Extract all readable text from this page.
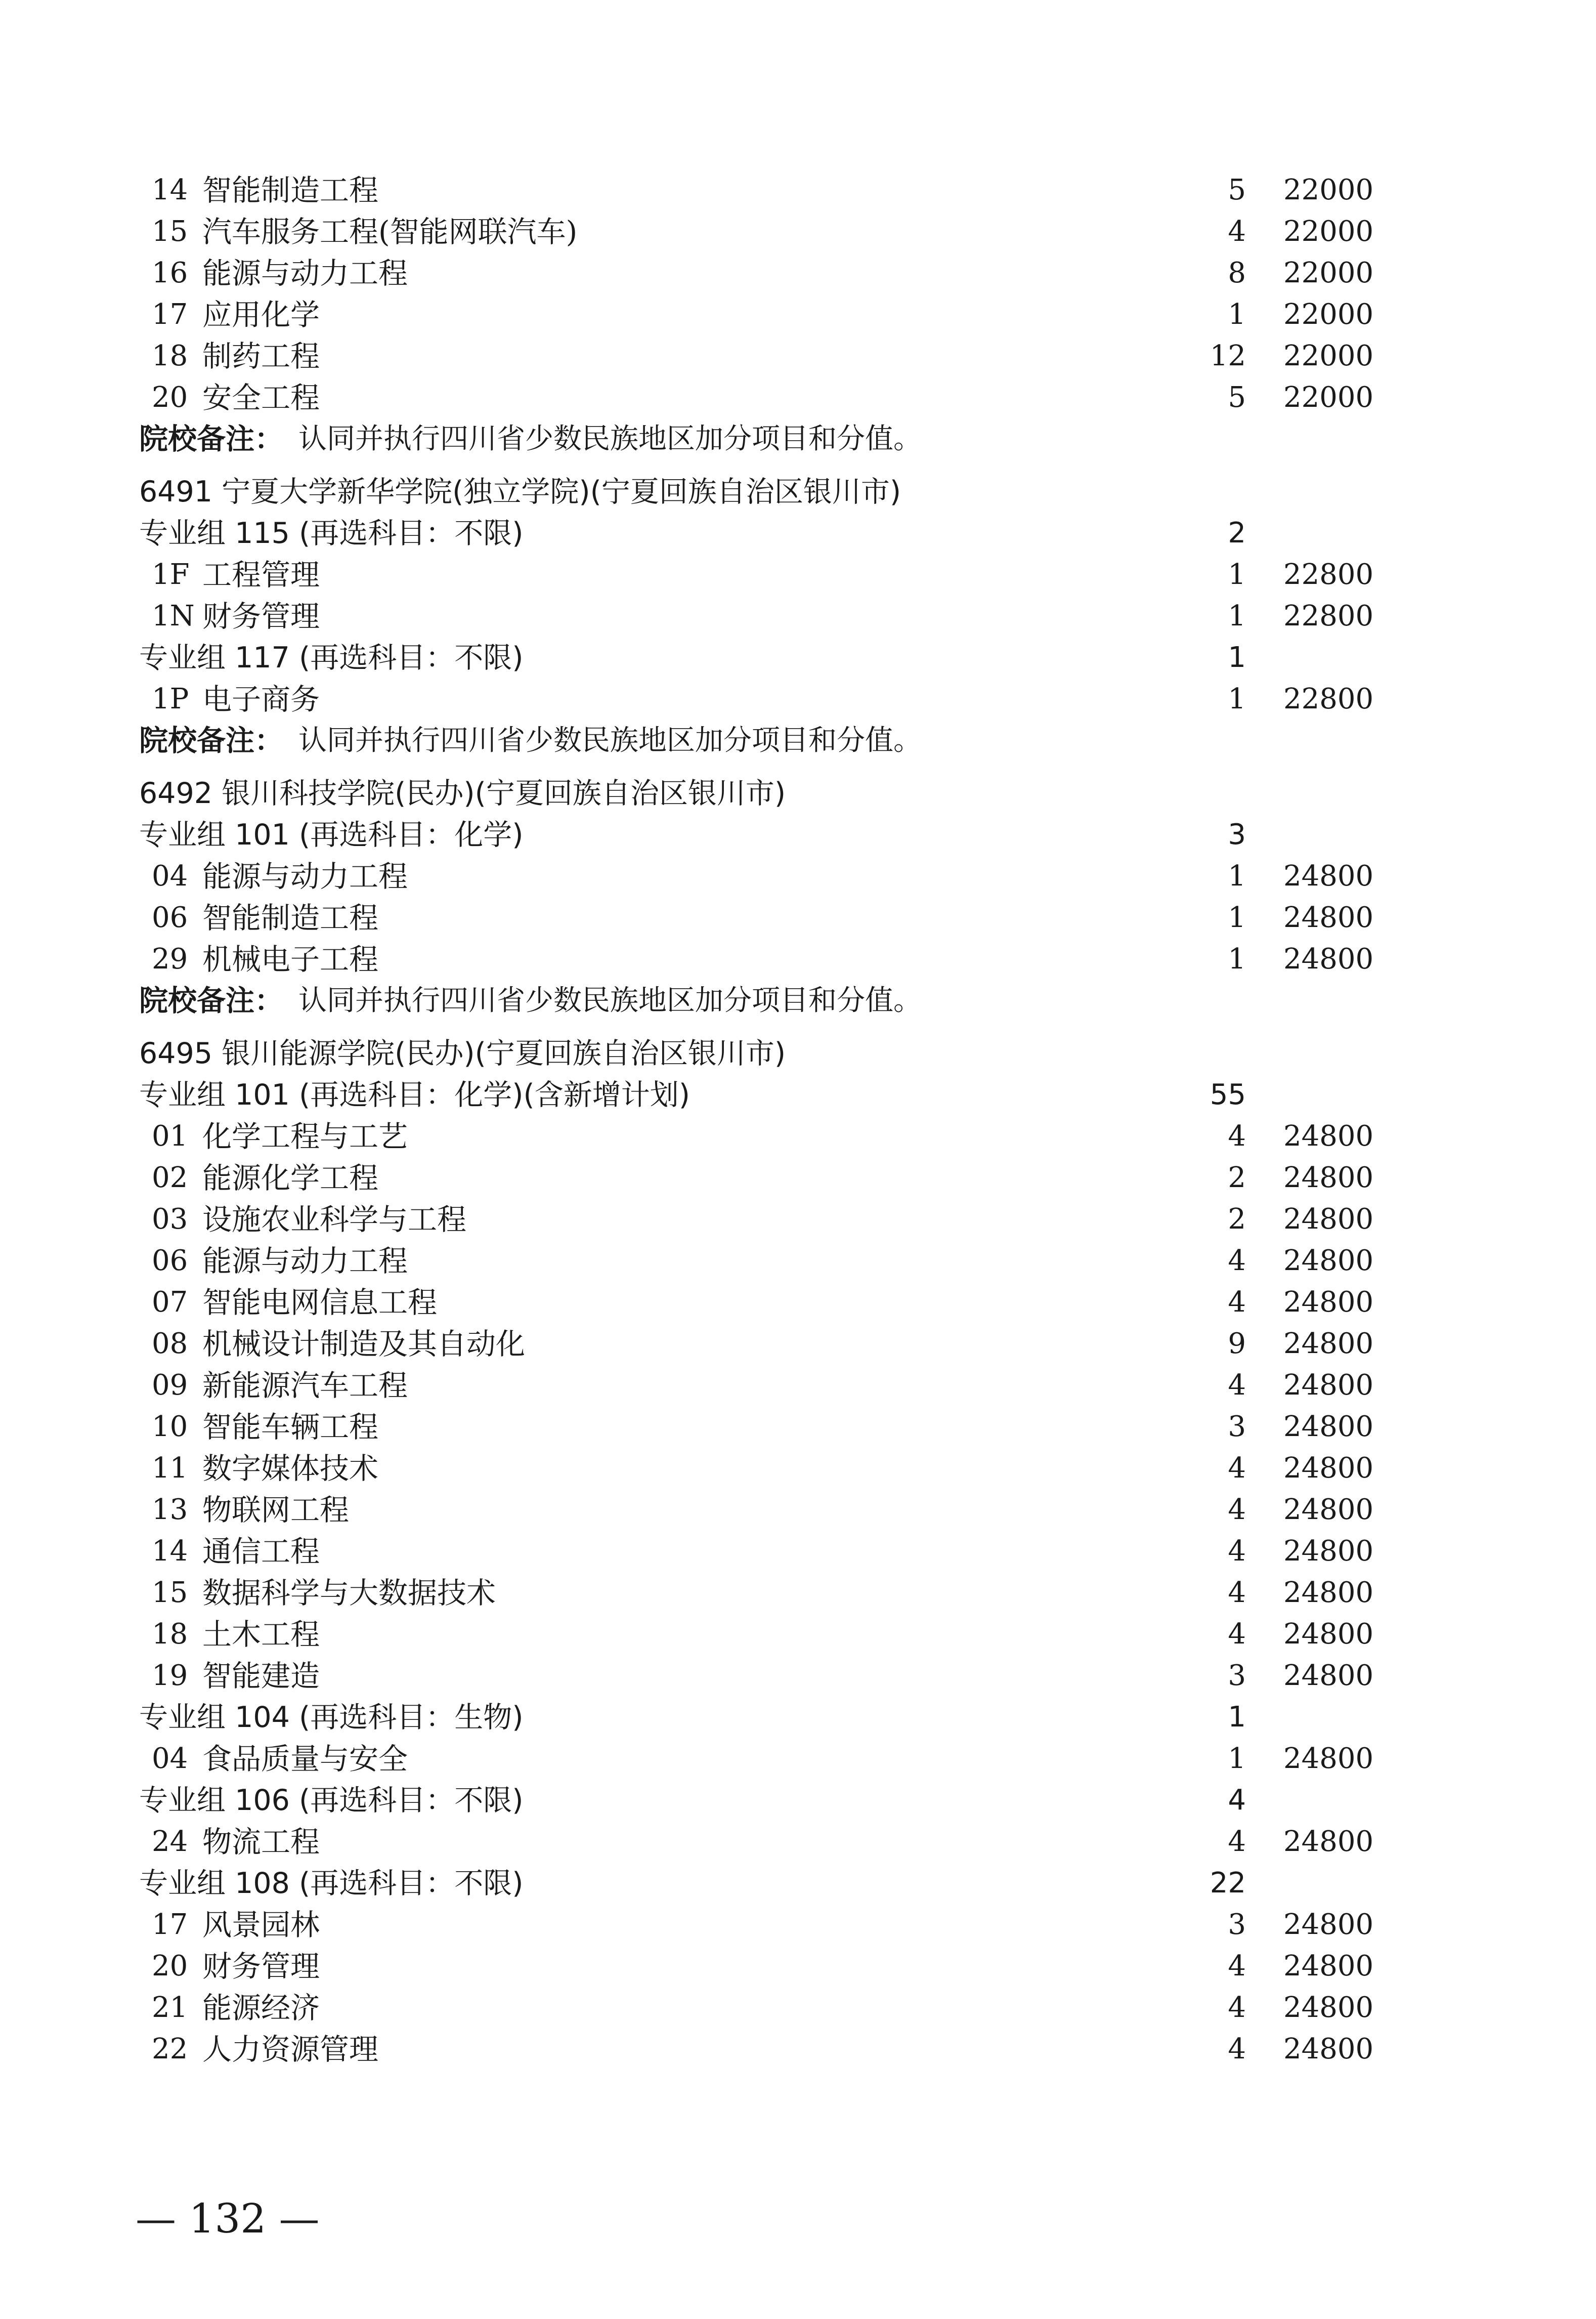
14 智能制造工程	5 22000
15 汽车服务工程(智能网联汽车)	4 22000
16 能源与动力工程	8 22000
17 应用化学	1 22000
18 制药工程	12 22000
20 安全工程	5 22000
院校备注： 认同并执行四川省少数民族地区加分项目和分值。
6491 宁夏大学新华学院(独立学院)(宁夏回族自治区银川市)
专业组 115 (再选科目：不限)	2
1F 工程管理	1 22800
1N 财务管理	1 22800
专业组 117 (再选科目：不限)	1
1P 电子商务	1 22800
院校备注： 认同并执行四川省少数民族地区加分项目和分值。
6492 银川科技学院(民办)(宁夏回族自治区银川市)
专业组 101 (再选科目：化学)	3
04 能源与动力工程	1 24800
06 智能制造工程	1 24800
29 机械电子工程	1 24800
院校备注： 认同并执行四川省少数民族地区加分项目和分值。
6495 银川能源学院(民办)(宁夏回族自治区银川市)
专业组 101 (再选科目：化学)(含新增计划)	55
01 化学工程与工艺	4 24800
02 能源化学工程	2 24800
03 设施农业科学与工程	2 24800
06 能源与动力工程	4 24800
07 智能电网信息工程	4 24800
08 机械设计制造及其自动化	9 24800
09 新能源汽车工程	4 24800
10 智能车辆工程	3 24800
11 数字媒体技术	4 24800
13 物联网工程	4 24800
14 通信工程	4 24800
15 数据科学与大数据技术	4 24800
18 土木工程	4 24800
19 智能建造	3 24800
专业组 104 (再选科目：生物)	1
04 食品质量与安全	1 24800
专业组 106 (再选科目：不限)	4
24 物流工程	4 24800
专业组 108 (再选科目：不限)	22
17 风景园林	3 24800
20 财务管理	4 24800
21 能源经济	4 24800
22 人力资源管理	4 24800
— 132 —
